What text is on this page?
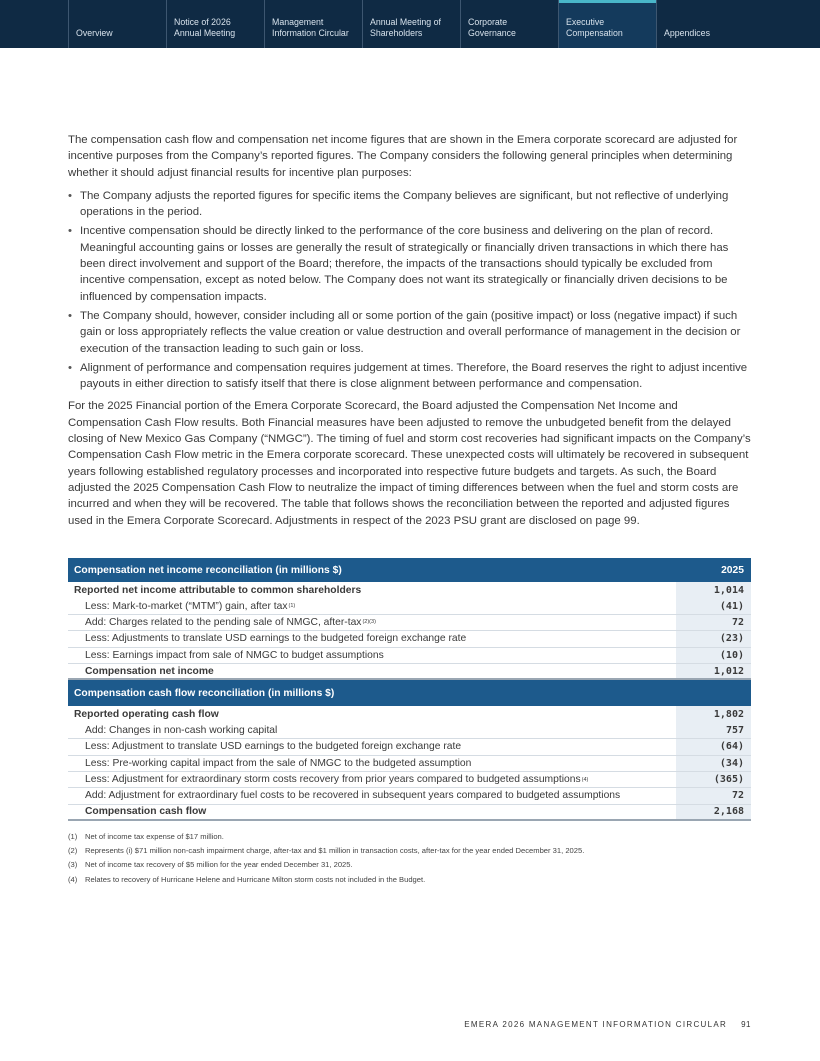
Overview
Notice of 2026
Annual Meeting
Management
Information Circular
Annual Meeting of
Shareholders
Corporate
Governance
Executive
Compensation	Appendices

The compensation cash flow and compensation net income figures that are shown in the Emera corporate scorecard are adjusted for incentive purposes from the Company’s reported figures. The Company considers the following general principles when determining whether it should adjust financial results for incentive plan purposes:

• The Company adjusts the reported figures for specific items the Company believes are significant, but not reflective of underlying operations in the period.
• Incentive compensation should be directly linked to the performance of the core business and delivering on the plan of record. Meaningful accounting gains or losses are generally the result of strategically or financially driven transactions in which there has been direct involvement and support of the Board; therefore, the impacts of the transactions should typically be excluded from incentive compensation, except as noted below. The Company does not want its strategically or financially driven decisions to be influenced by compensation impacts.
• The Company should, however, consider including all or some portion of the gain (positive impact) or loss (negative impact) if such gain or loss appropriately reflects the value creation or value destruction and overall performance of management in the decision or execution of the transaction leading to such gain or loss.
• Alignment of performance and compensation requires judgement at times. Therefore, the Board reserves the right to adjust incentive payouts in either direction to satisfy itself that there is close alignment between performance and compensation.

For the 2025 Financial portion of the Emera Corporate Scorecard, the Board adjusted the Compensation Net Income and Compensation Cash Flow results. Both Financial measures have been adjusted to remove the unbudgeted benefit from the delayed closing of New Mexico Gas Company (“NMGC”). The timing of fuel and storm cost recoveries had significant impacts on the Company’s Compensation Cash Flow metric in the Emera corporate scorecard. These unexpected costs will ultimately be recovered in subsequent years following established regulatory processes and incorporated into respective future budgets and targets. As such, the Board adjusted the 2025 Compensation Cash Flow to neutralize the impact of timing differences between when the fuel and storm costs are incurred and when they will be recovered. The table that follows shows the reconciliation between the reported and adjusted figures used in the Emera Corporate Scorecard. Adjustments in respect of the 2023 PSU grant are disclosed on page 99.

Compensation net income reconciliation (in millions $)	2025
Reported net income attributable to common shareholders	1,014
Less: Mark-to-market (“MTM”) gain, after tax (1)	(41)
Add: Charges related to the pending sale of NMGC, after-tax (2)(3)	72
Less: Adjustments to translate USD earnings to the budgeted foreign exchange rate	(23)
Less: Earnings impact from sale of NMGC to budget assumptions	(10)
Compensation net income	1,012
Compensation cash flow reconciliation (in millions $)
Reported operating cash flow	1,802
Add: Changes in non-cash working capital	757
Less: Adjustment to translate USD earnings to the budgeted foreign exchange rate	(64)
Less: Pre-working capital impact from the sale of NMGC to the budgeted assumption	(34)
Less: Adjustment for extraordinary storm costs recovery from prior years compared to budgeted assumptions (4)	(365)
Add: Adjustment for extraordinary fuel costs to be recovered in subsequent years compared to budgeted assumptions	72
Compensation cash flow	2,168
(1)	Net of income tax expense of $17 million.
(2)	Represents (i) $71 million non-cash impairment charge, after-tax and $1 million in transaction costs, after-tax for the year ended December 31, 2025.
(3)	Net of income tax recovery of $5 million for the year ended December 31, 2025.
(4)	Relates to recovery of Hurricane Helene and Hurricane Milton storm costs not included in the Budget.
EMERA 2026 MANAGEMENT INFORMATION CIRCULAR 91
